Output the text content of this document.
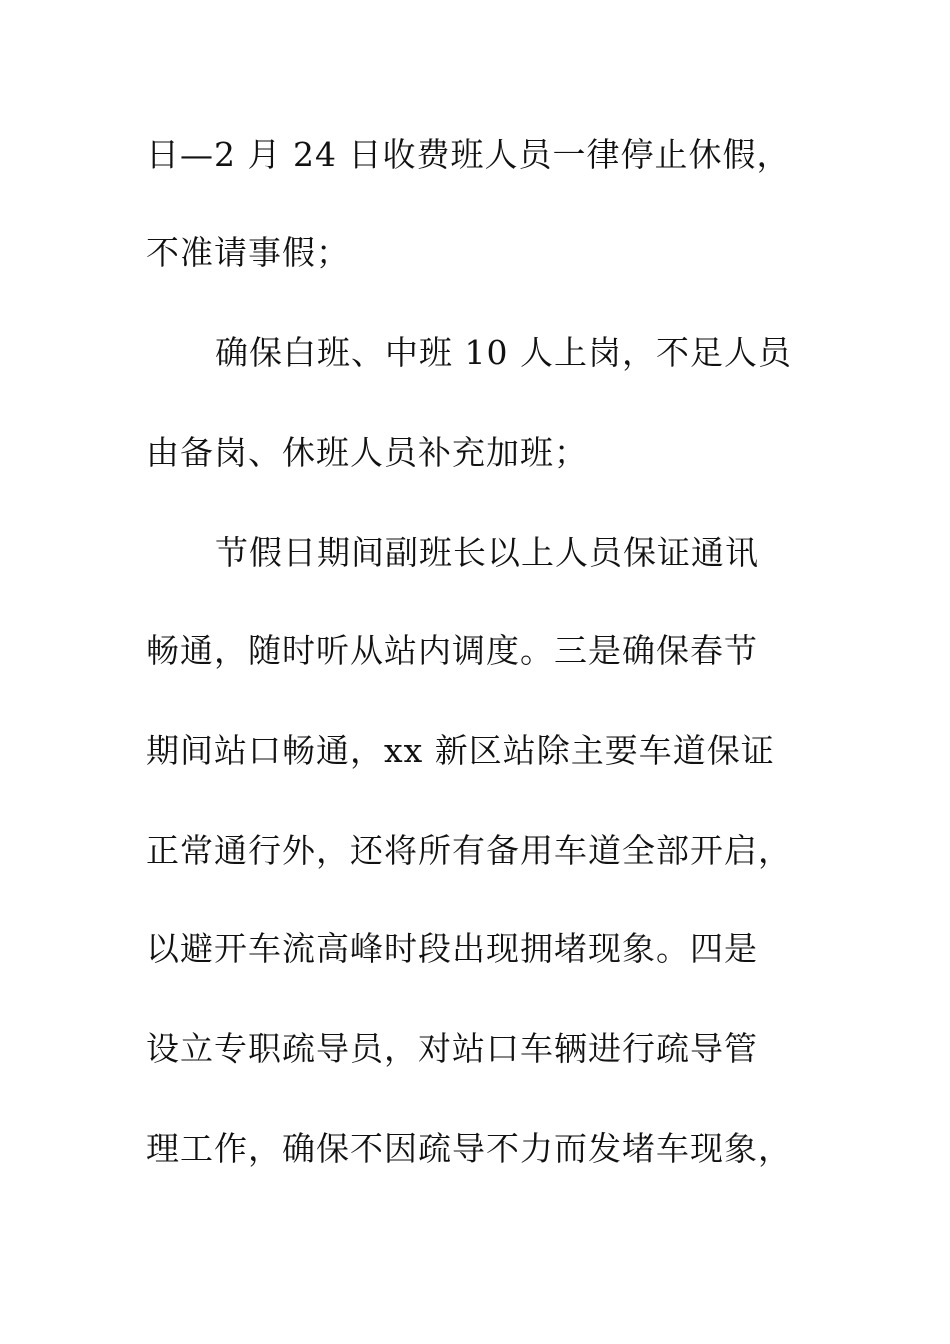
日—2 月 24 日收费班人员一律停止休假，
不准请事假；
确保白班、中班 10 人上岗，不足人员
由备岗、休班人员补充加班；
节假日期间副班长以上人员保证通讯
畅通，随时听从站内调度。三是确保春节
期间站口畅通，xx 新区站除主要车道保证
正常通行外，还将所有备用车道全部开启，
以避开车流高峰时段出现拥堵现象。四是
设立专职疏导员，对站口车辆进行疏导管
理工作，确保不因疏导不力而发堵车现象，
